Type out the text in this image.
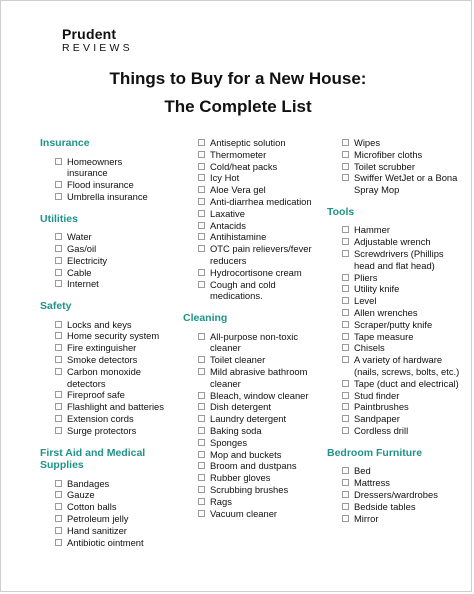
Prudent
REVIEWS
Things to Buy for a New House:
The Complete List
Insurance
Homeowners insurance
Flood insurance
Umbrella insurance
Utilities
Water
Gas/oil
Electricity
Cable
Internet
Safety
Locks and keys
Home security system
Fire extinguisher
Smoke detectors
Carbon monoxide detectors
Fireproof safe
Flashlight and batteries
Extension cords
Surge protectors
First Aid and Medical Supplies
Bandages
Gauze
Cotton balls
Petroleum jelly
Hand sanitizer
Antibiotic ointment
Antiseptic solution
Thermometer
Cold/heat packs
Icy Hot
Aloe Vera gel
Anti-diarrhea medication
Laxative
Antacids
Antihistamine
OTC pain relievers/fever reducers
Hydrocortisone cream
Cough and cold medications.
Cleaning
All-purpose non-toxic cleaner
Toilet cleaner
Mild abrasive bathroom cleaner
Bleach, window cleaner
Dish detergent
Laundry detergent
Baking soda
Sponges
Mop and buckets
Broom and dustpans
Rubber gloves
Scrubbing brushes
Rags
Vacuum cleaner
Wipes
Microfiber cloths
Toilet scrubber
Swiffer WetJet or a Bona Spray Mop
Tools
Hammer
Adjustable wrench
Screwdrivers (Phillips head and flat head)
Pliers
Utility knife
Level
Allen wrenches
Scraper/putty knife
Tape measure
Chisels
A variety of hardware (nails, screws, bolts, etc.)
Tape (duct and electrical)
Stud finder
Paintbrushes
Sandpaper
Cordless drill
Bedroom Furniture
Bed
Mattress
Dressers/wardrobes
Bedside tables
Mirror
